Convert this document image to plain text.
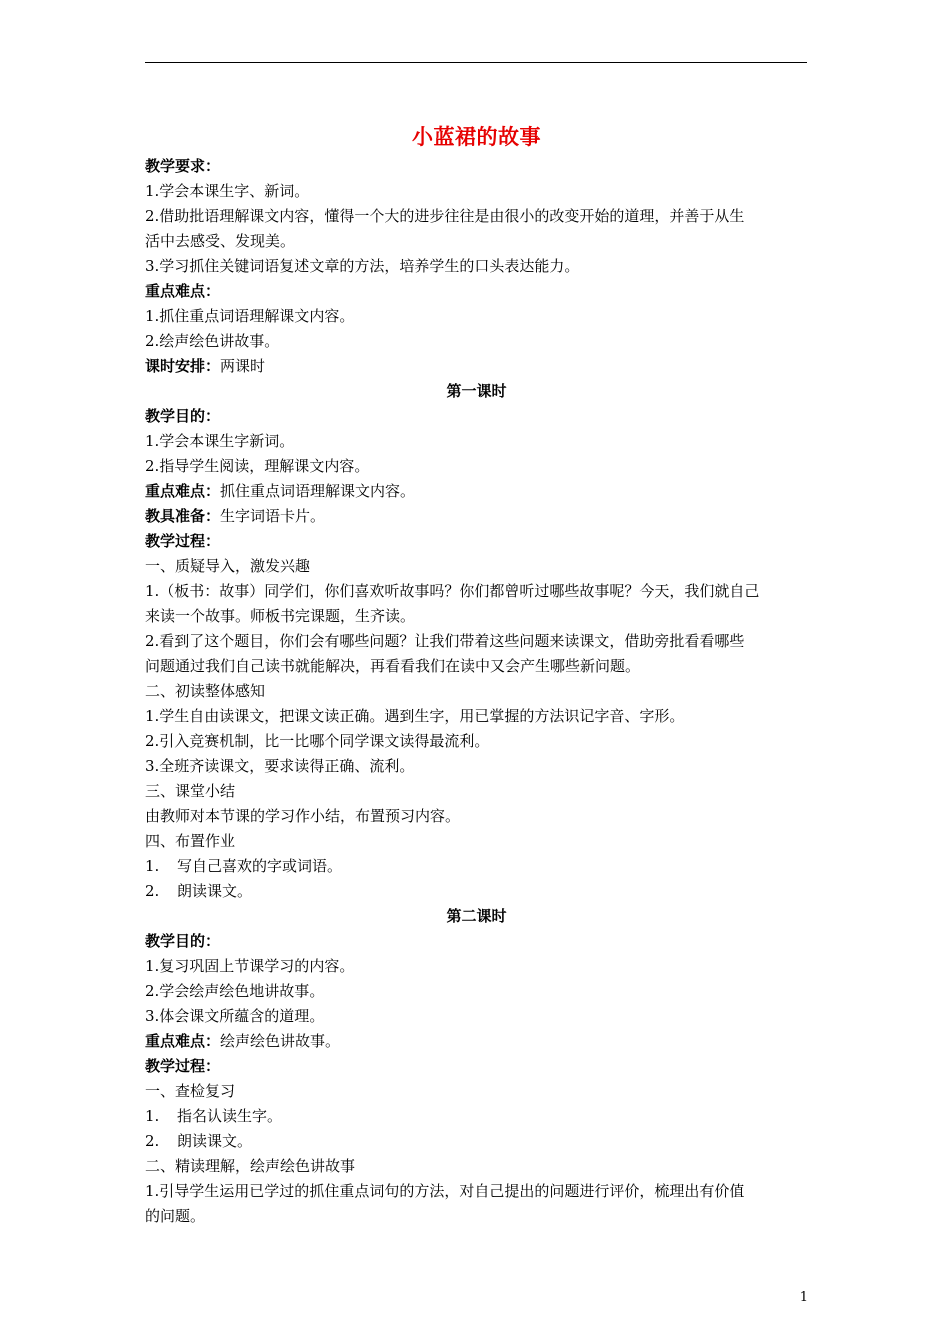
小蓝裙的故事
教学要求：
1.学会本课生字、新词。
2.借助批语理解课文内容，懂得一个大的进步往往是由很小的改变开始的道理，并善于从生
活中去感受、发现美。
3.学习抓住关键词语复述文章的方法，培养学生的口头表达能力。
重点难点：
1.抓住重点词语理解课文内容。
2.绘声绘色讲故事。
课时安排：两课时
第一课时
教学目的：
1.学会本课生字新词。
2.指导学生阅读，理解课文内容。
重点难点：抓住重点词语理解课文内容。
教具准备：生字词语卡片。
教学过程：
一、质疑导入，激发兴趣
1.（板书：故事）同学们，你们喜欢听故事吗？你们都曾听过哪些故事呢？今天，我们就自己
来读一个故事。师板书完课题，生齐读。
2.看到了这个题目，你们会有哪些问题？让我们带着这些问题来读课文，借助旁批看看哪些
问题通过我们自己读书就能解决，再看看我们在读中又会产生哪些新问题。
二、初读整体感知
1.学生自由读课文，把课文读正确。遇到生字，用已掌握的方法识记字音、字形。
2.引入竞赛机制，比一比哪个同学课文读得最流利。
3.全班齐读课文，要求读得正确、流利。
三、课堂小结
由教师对本节课的学习作小结，布置预习内容。
四、布置作业
1. 写自己喜欢的字或词语。
2. 朗读课文。
第二课时
教学目的：
1.复习巩固上节课学习的内容。
2.学会绘声绘色地讲故事。
3.体会课文所蕴含的道理。
重点难点：绘声绘色讲故事。
教学过程：
一、查检复习
1. 指名认读生字。
2. 朗读课文。
二、精读理解，绘声绘色讲故事
1.引导学生运用已学过的抓住重点词句的方法，对自己提出的问题进行评价，梳理出有价值
的问题。
1
